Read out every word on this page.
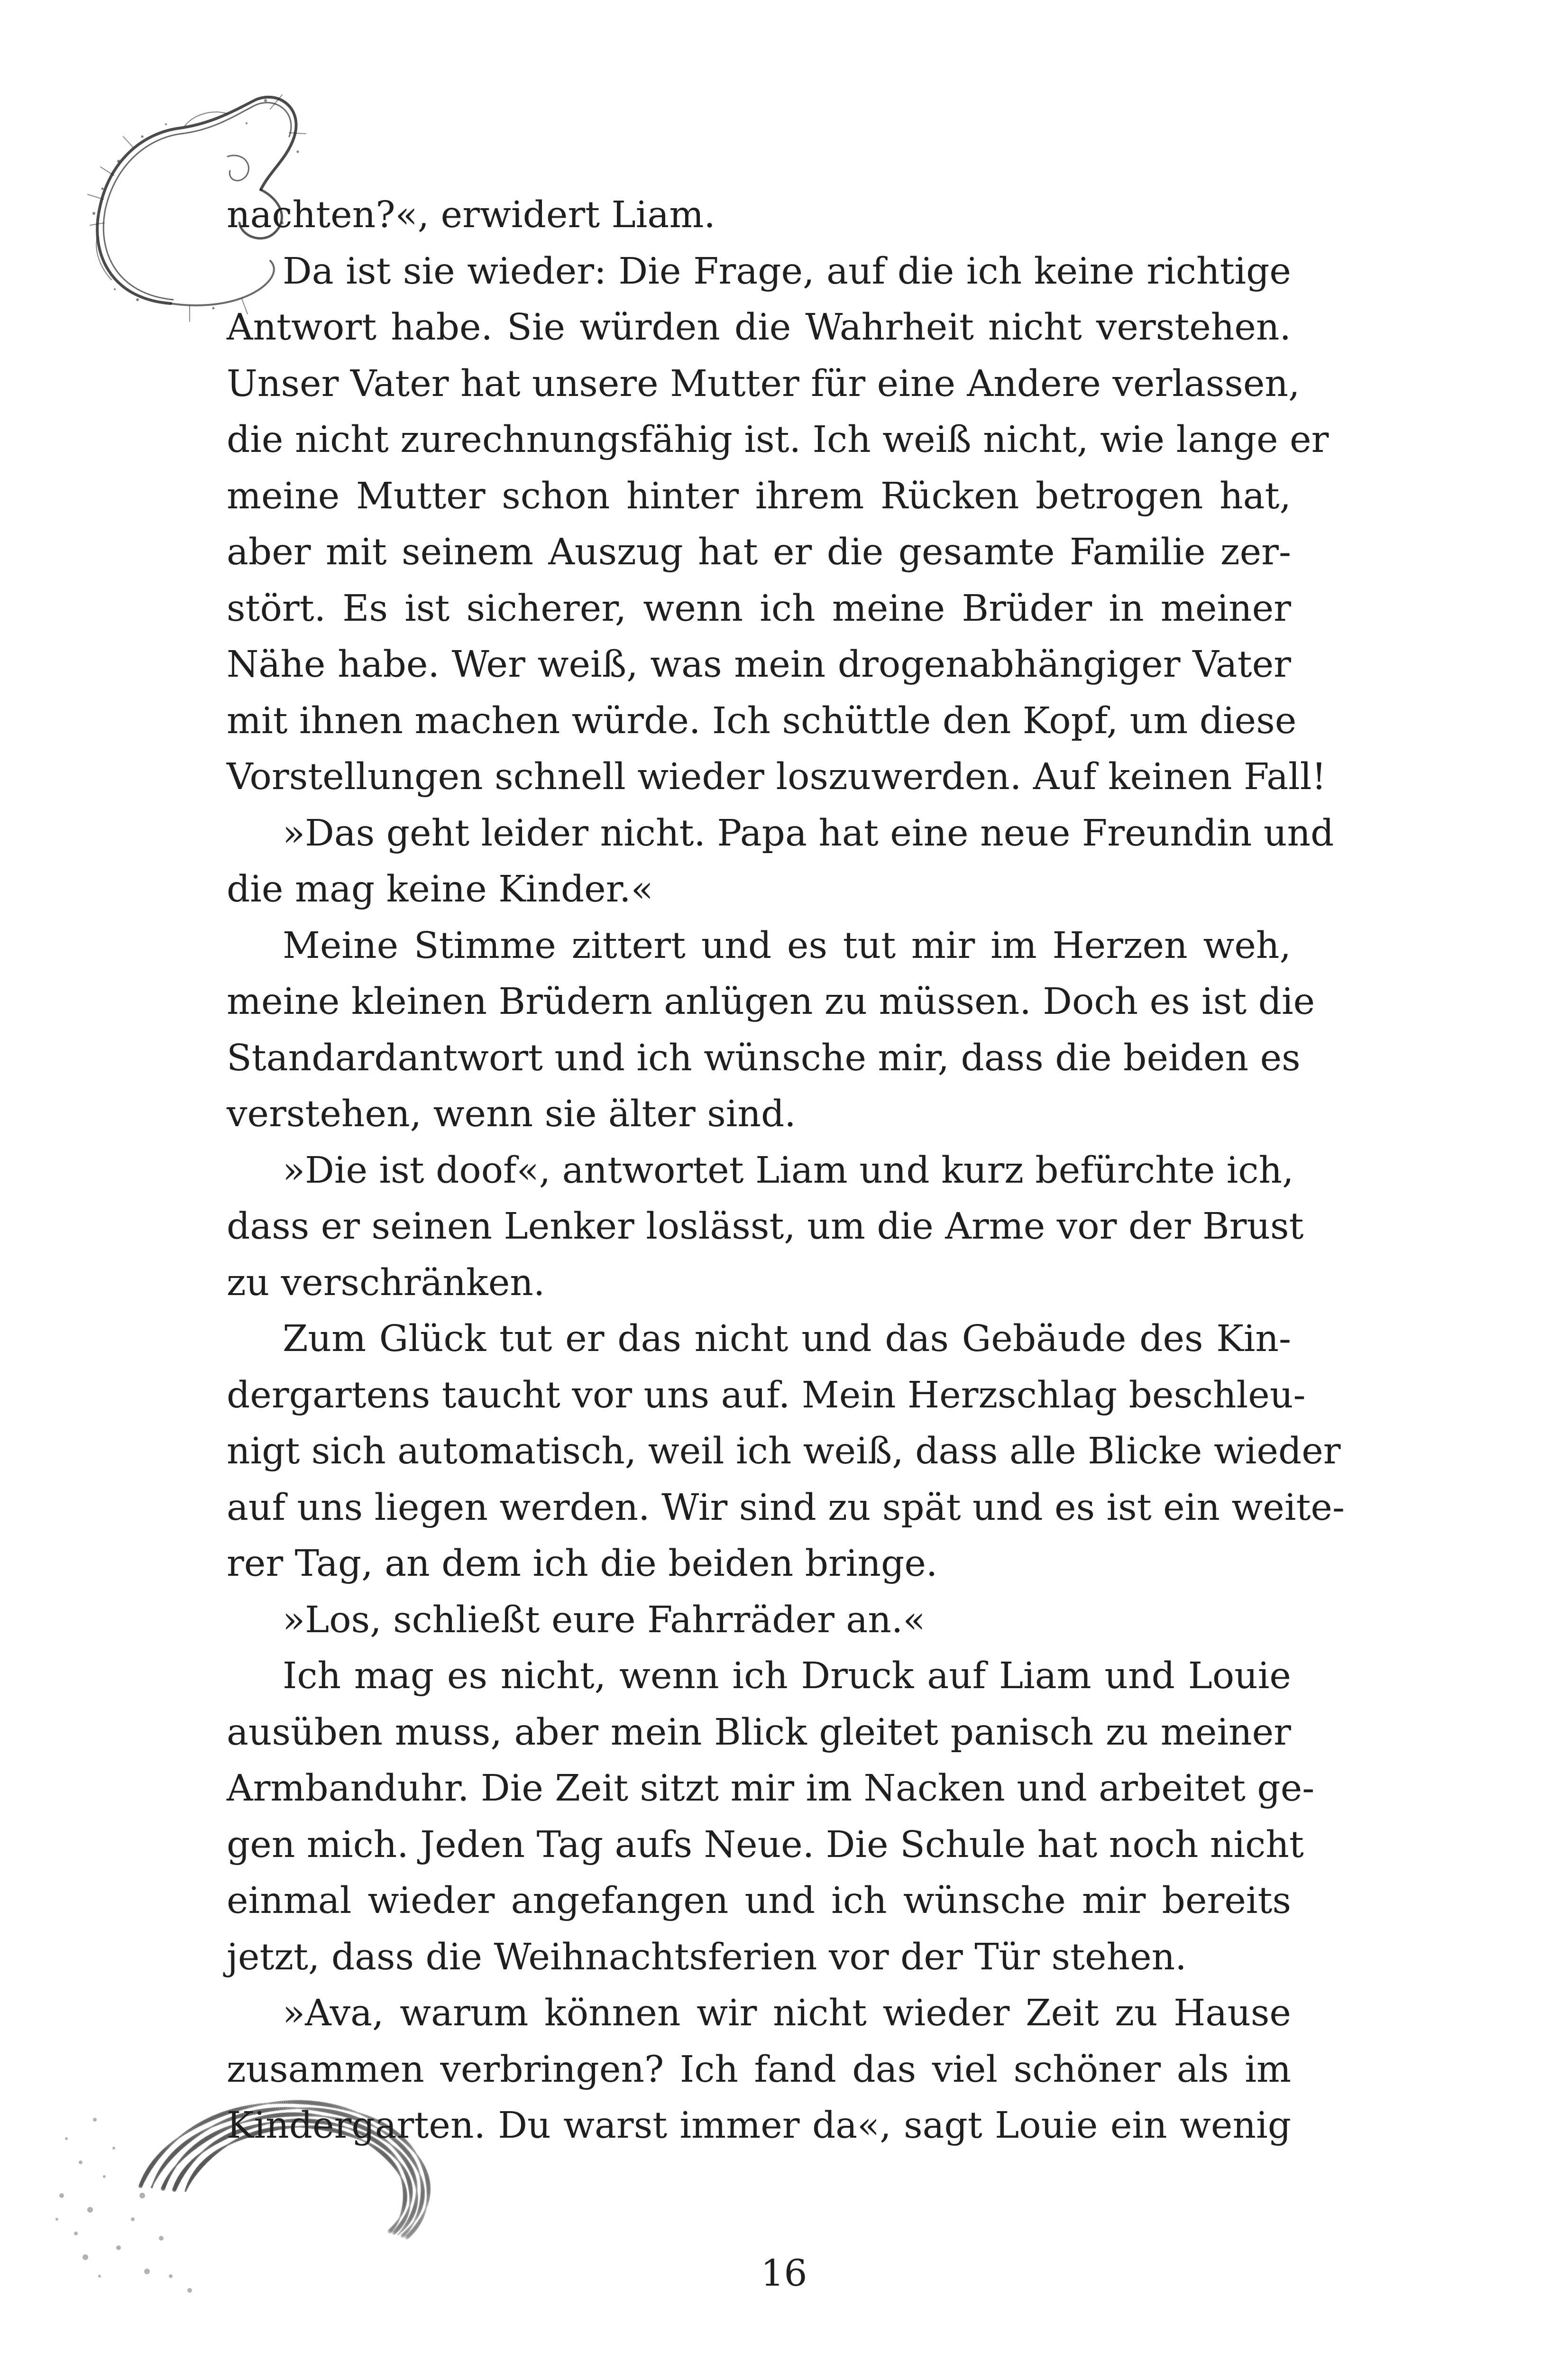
nachten?«, erwidert Liam.
Da ist sie wieder: Die Frage, auf die ich keine richtige
Antwort habe. Sie würden die Wahrheit nicht verstehen.
Unser Vater hat unsere Mutter für eine Andere verlassen,
die nicht zurechnungsfähig ist. Ich weiß nicht, wie lange er
meine Mutter schon hinter ihrem Rücken betrogen hat,
aber mit seinem Auszug hat er die gesamte Familie zer-
stört. Es ist sicherer, wenn ich meine Brüder in meiner
Nähe habe. Wer weiß, was mein drogenabhängiger Vater
mit ihnen machen würde. Ich schüttle den Kopf, um diese
Vorstellungen schnell wieder loszuwerden. Auf keinen Fall!
»Das geht leider nicht. Papa hat eine neue Freundin und
die mag keine Kinder.«
Meine Stimme zittert und es tut mir im Herzen weh,
meine kleinen Brüdern anlügen zu müssen. Doch es ist die
Standardantwort und ich wünsche mir, dass die beiden es
verstehen, wenn sie älter sind.
»Die ist doof«, antwortet Liam und kurz befürchte ich,
dass er seinen Lenker loslässt, um die Arme vor der Brust
zu verschränken.
Zum Glück tut er das nicht und das Gebäude des Kin-
dergartens taucht vor uns auf. Mein Herzschlag beschleu-
nigt sich automatisch, weil ich weiß, dass alle Blicke wieder
auf uns liegen werden. Wir sind zu spät und es ist ein weite-
rer Tag, an dem ich die beiden bringe.
»Los, schließt eure Fahrräder an.«
Ich mag es nicht, wenn ich Druck auf Liam und Louie
ausüben muss, aber mein Blick gleitet panisch zu meiner
Armbanduhr. Die Zeit sitzt mir im Nacken und arbeitet ge-
gen mich. Jeden Tag aufs Neue. Die Schule hat noch nicht
einmal wieder angefangen und ich wünsche mir bereits
jetzt, dass die Weihnachtsferien vor der Tür stehen.
»Ava, warum können wir nicht wieder Zeit zu Hause
zusammen verbringen? Ich fand das viel schöner als im
Kindergarten. Du warst immer da«, sagt Louie ein wenig
16
